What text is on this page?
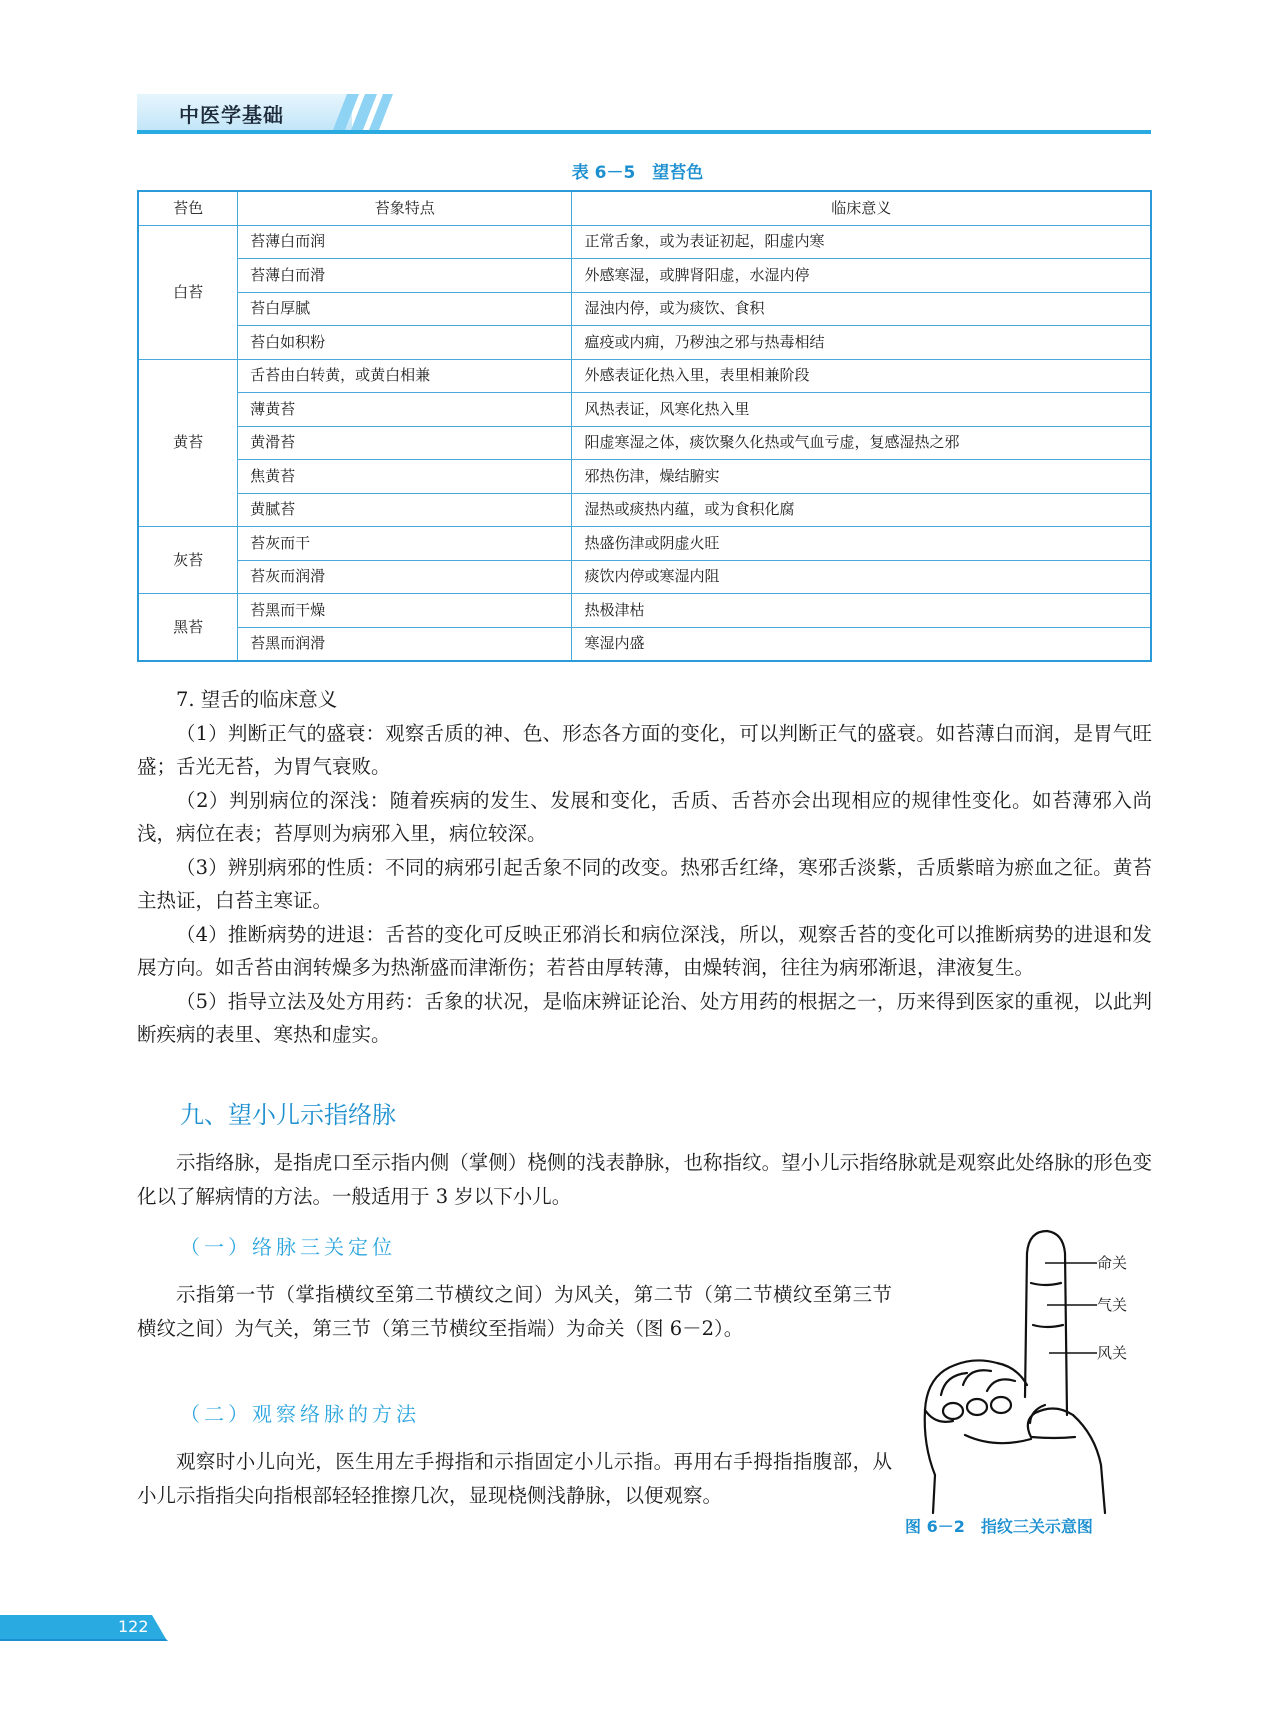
中医学基础
表 6－5　望苔色
苔色	苔象特点	临床意义
白苔	苔薄白而润	正常舌象，或为表证初起，阳虚内寒
	苔薄白而滑	外感寒湿，或脾肾阳虚，水湿内停
	苔白厚腻	湿浊内停，或为痰饮、食积
	苔白如积粉	瘟疫或内痈，乃秽浊之邪与热毒相结
黄苔	舌苔由白转黄，或黄白相兼	外感表证化热入里，表里相兼阶段
	薄黄苔	风热表证，风寒化热入里
	黄滑苔	阳虚寒湿之体，痰饮聚久化热或气血亏虚，复感湿热之邪
	焦黄苔	邪热伤津，燥结腑实
	黄腻苔	湿热或痰热内蕴，或为食积化腐
灰苔	苔灰而干	热盛伤津或阴虚火旺
	苔灰而润滑	痰饮内停或寒湿内阻
黑苔	苔黑而干燥	热极津枯
	苔黑而润滑	寒湿内盛

7. 望舌的临床意义

（1）判断正气的盛衰：观察舌质的神、色、形态各方面的变化，可以判断正气的盛衰。如苔薄白而润，是胃气旺盛；舌光无苔，为胃气衰败。

（2）判别病位的深浅：随着疾病的发生、发展和变化，舌质、舌苔亦会出现相应的规律性变化。如苔薄邪入尚浅，病位在表；苔厚则为病邪入里，病位较深。

（3）辨别病邪的性质：不同的病邪引起舌象不同的改变。热邪舌红绛，寒邪舌淡紫，舌质紫暗为瘀血之征。黄苔主热证，白苔主寒证。

（4）推断病势的进退：舌苔的变化可反映正邪消长和病位深浅，所以，观察舌苔的变化可以推断病势的进退和发展方向。如舌苔由润转燥多为热渐盛而津渐伤；若苔由厚转薄，由燥转润，往往为病邪渐退，津液复生。

（5）指导立法及处方用药：舌象的状况，是临床辨证论治、处方用药的根据之一，历来得到医家的重视，以此判断疾病的表里、寒热和虚实。

九、望小儿示指络脉

示指络脉，是指虎口至示指内侧（掌侧）桡侧的浅表静脉，也称指纹。望小儿示指络脉就是观察此处络脉的形色变化以了解病情的方法。一般适用于 3 岁以下小儿。

（一）络脉三关定位

示指第一节（掌指横纹至第二节横纹之间）为风关，第二节（第二节横纹至第三节横纹之间）为气关，第三节（第三节横纹至指端）为命关（图 6－2）。

（二）观察络脉的方法

观察时小儿向光，医生用左手拇指和示指固定小儿示指。再用右手拇指指腹部，从小儿示指指尖向指根部轻轻推擦几次，显现桡侧浅静脉，以便观察。

命关
气关
风关
图 6－2　指纹三关示意图
122
